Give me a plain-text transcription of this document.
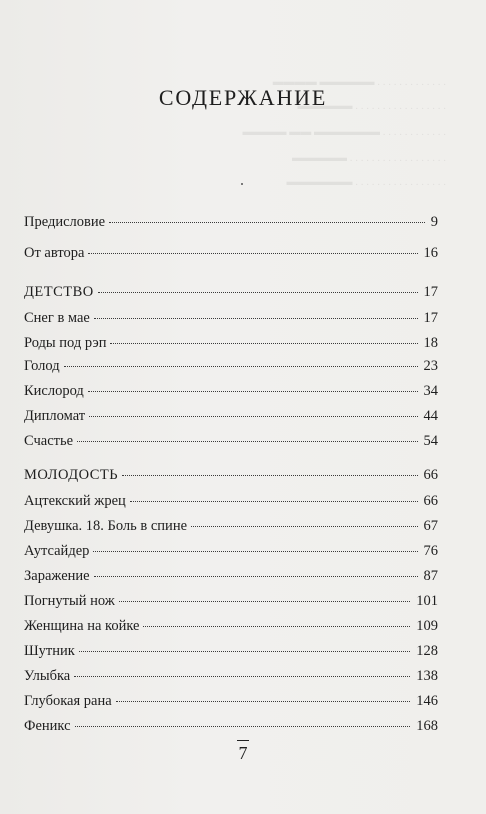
▬▬▬▬ ▬▬▬▬▬ . . . . . . . . . . . . .
▬▬▬▬▬ . . . . . . . . . . . . . . . . .
▬▬▬▬ ▬▬ ▬▬▬▬▬▬ . . . . . . . . . . . .
▬▬▬▬▬ . . . . . . . . . . . . . . . . . .
▬▬▬▬▬▬ . . . . . . . . . . . . . . . . .
СОДЕРЖАНИЕ
Предисловие	9
От автора	16
ДЕТСТВО	17
Снег в мае	17
Роды под рэп	18
Голод	23
Кислород	34
Дипломат	44
Счастье	54
МОЛОДОСТЬ	66
Ацтекский жрец	66
Девушка. 18. Боль в спине	67
Аутсайдер	76
Заражение	87
Погнутый нож	101
Женщина на койке	109
Шутник	128
Улыбка	138
Глубокая рана	146
Феникс	168
7
